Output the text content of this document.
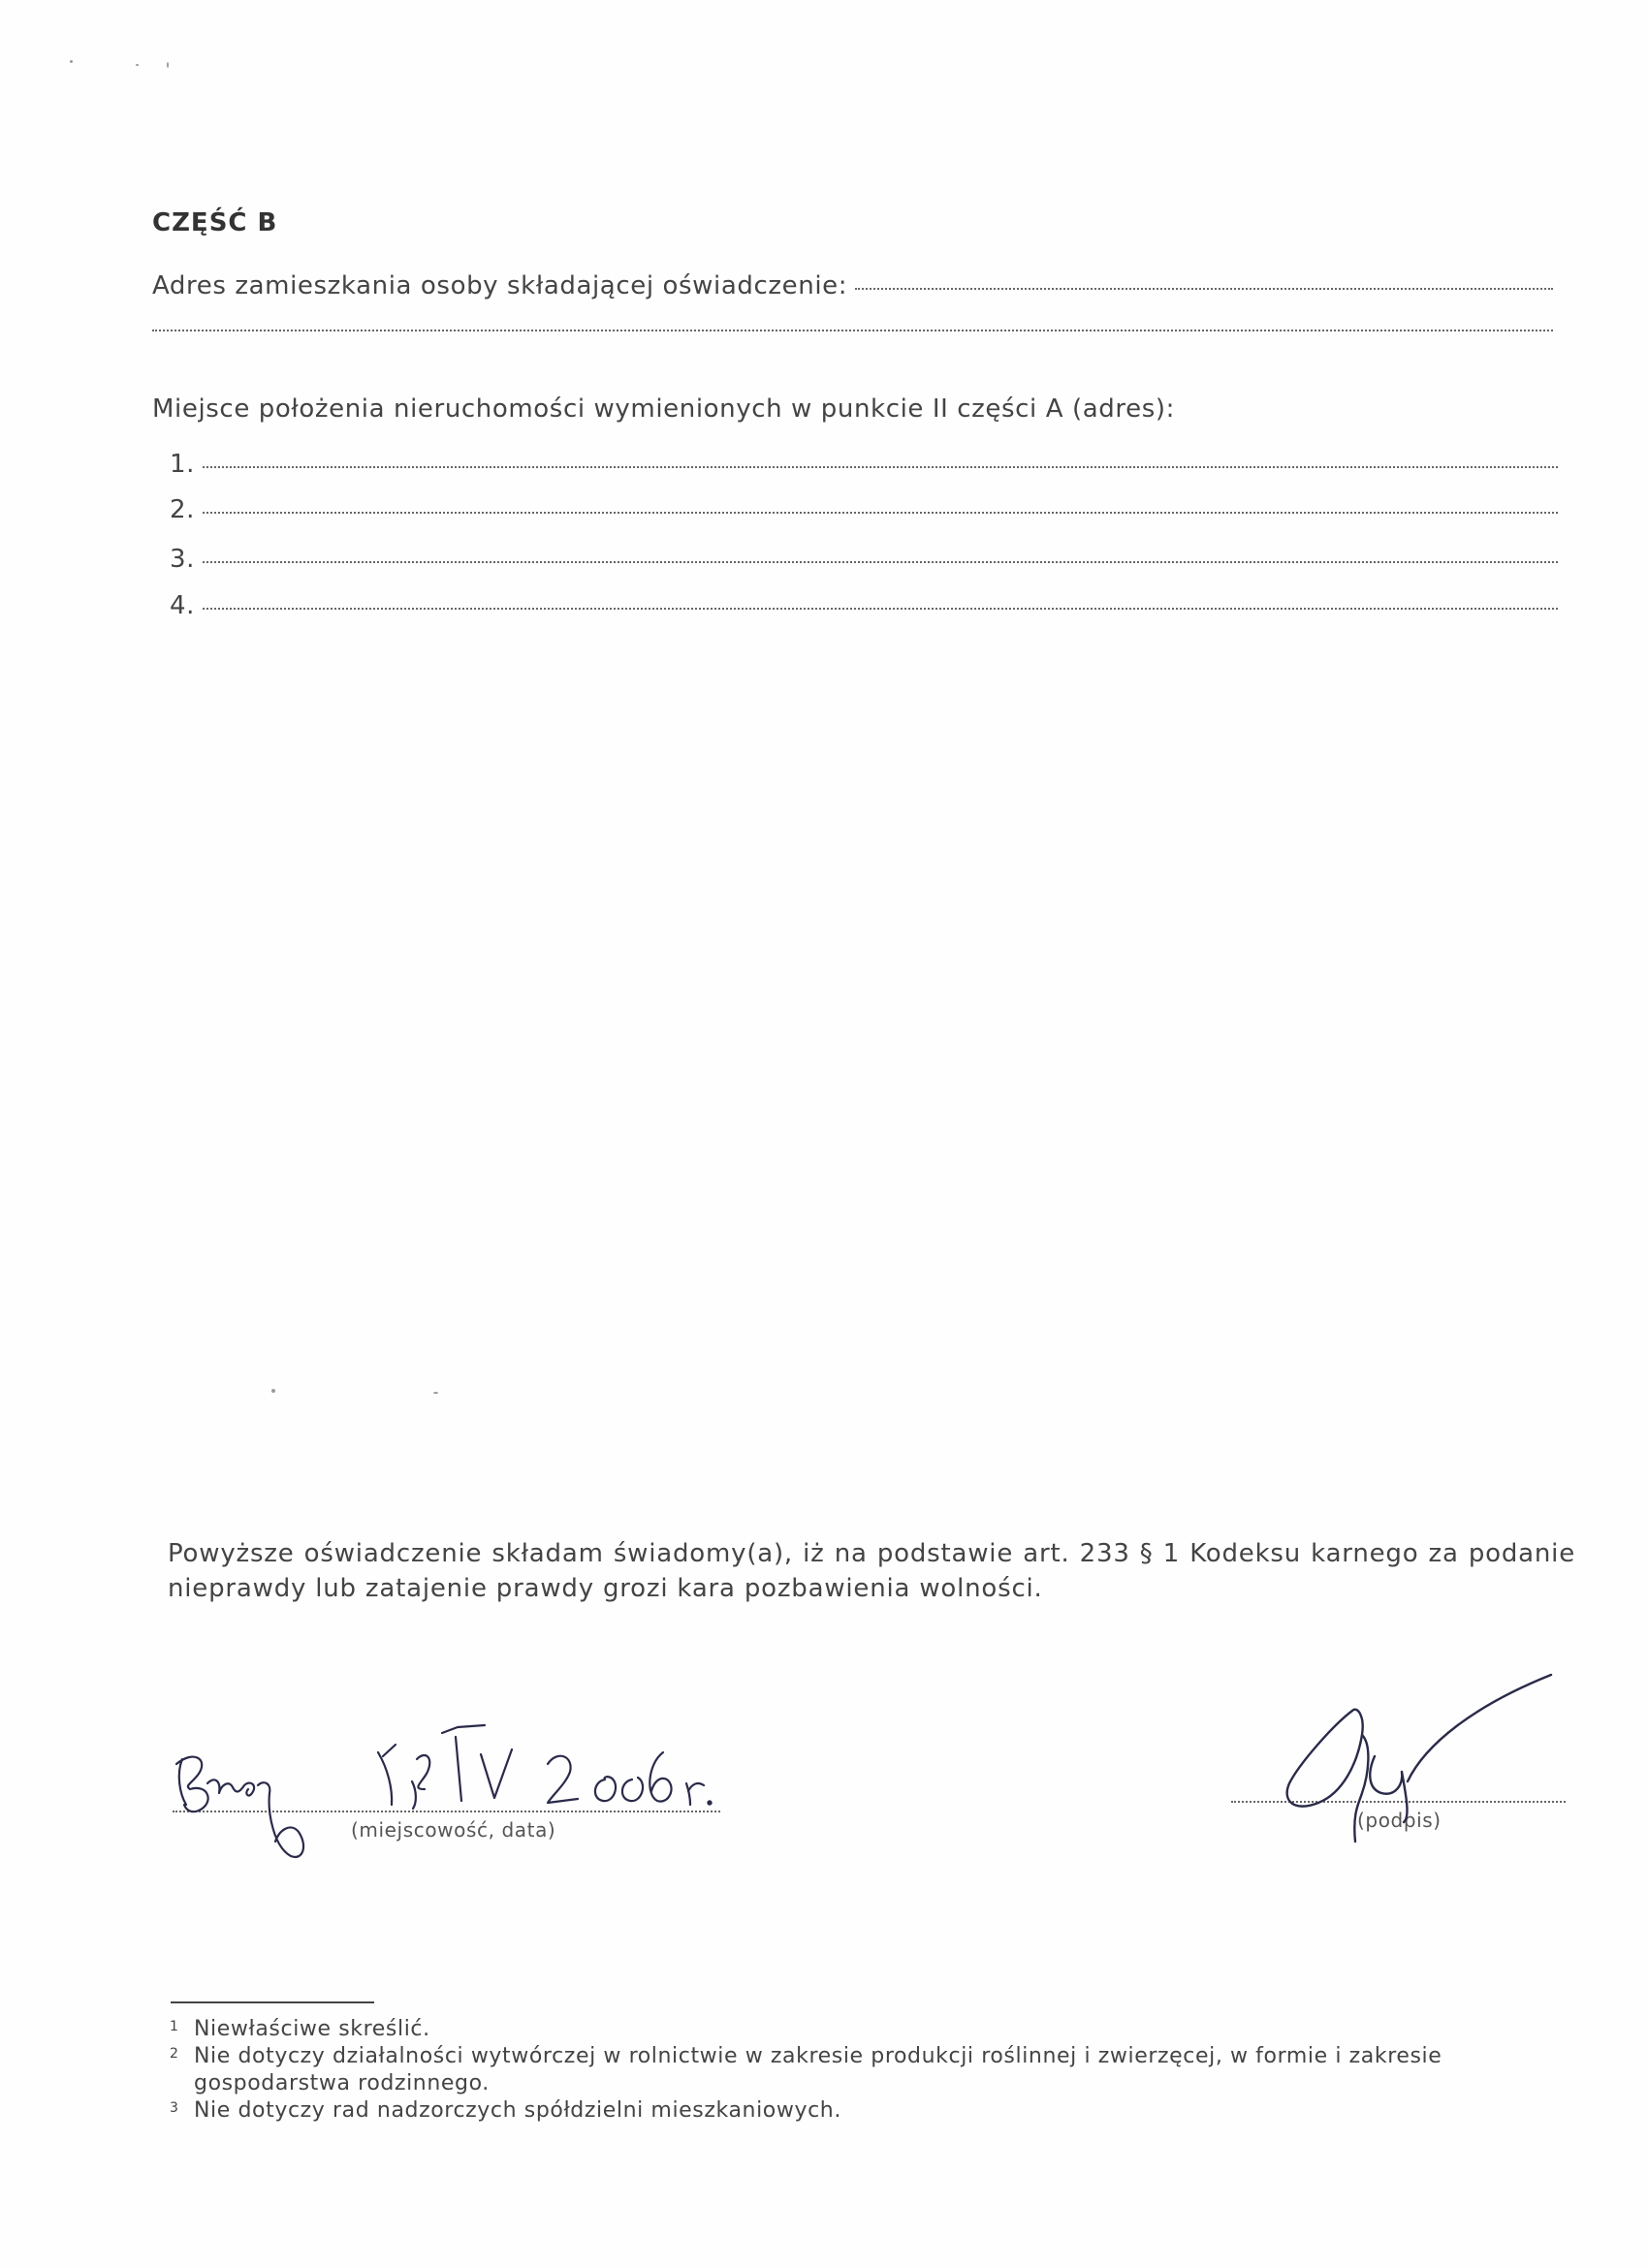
CZĘŚĆ B
Adres zamieszkania osoby składającej oświadczenie:
Miejsce położenia nieruchomości wymienionych w punkcie II części A (adres):
1.
2.
3.
4.
Powyższe oświadczenie składam świadomy(a), iż na podstawie art. 233 § 1 Kodeksu karnego za podanie nieprawdy lub zatajenie prawdy grozi kara pozbawienia wolności.
(miejscowość, data)	(podpis)
1 Niewłaściwe skreślić.
2 Nie dotyczy działalności wytwórczej w rolnictwie w zakresie produkcji roślinnej i zwierzęcej, w formie i zakresie gospodarstwa rodzinnego.
3 Nie dotyczy rad nadzorczych spółdzielni mieszkaniowych.
